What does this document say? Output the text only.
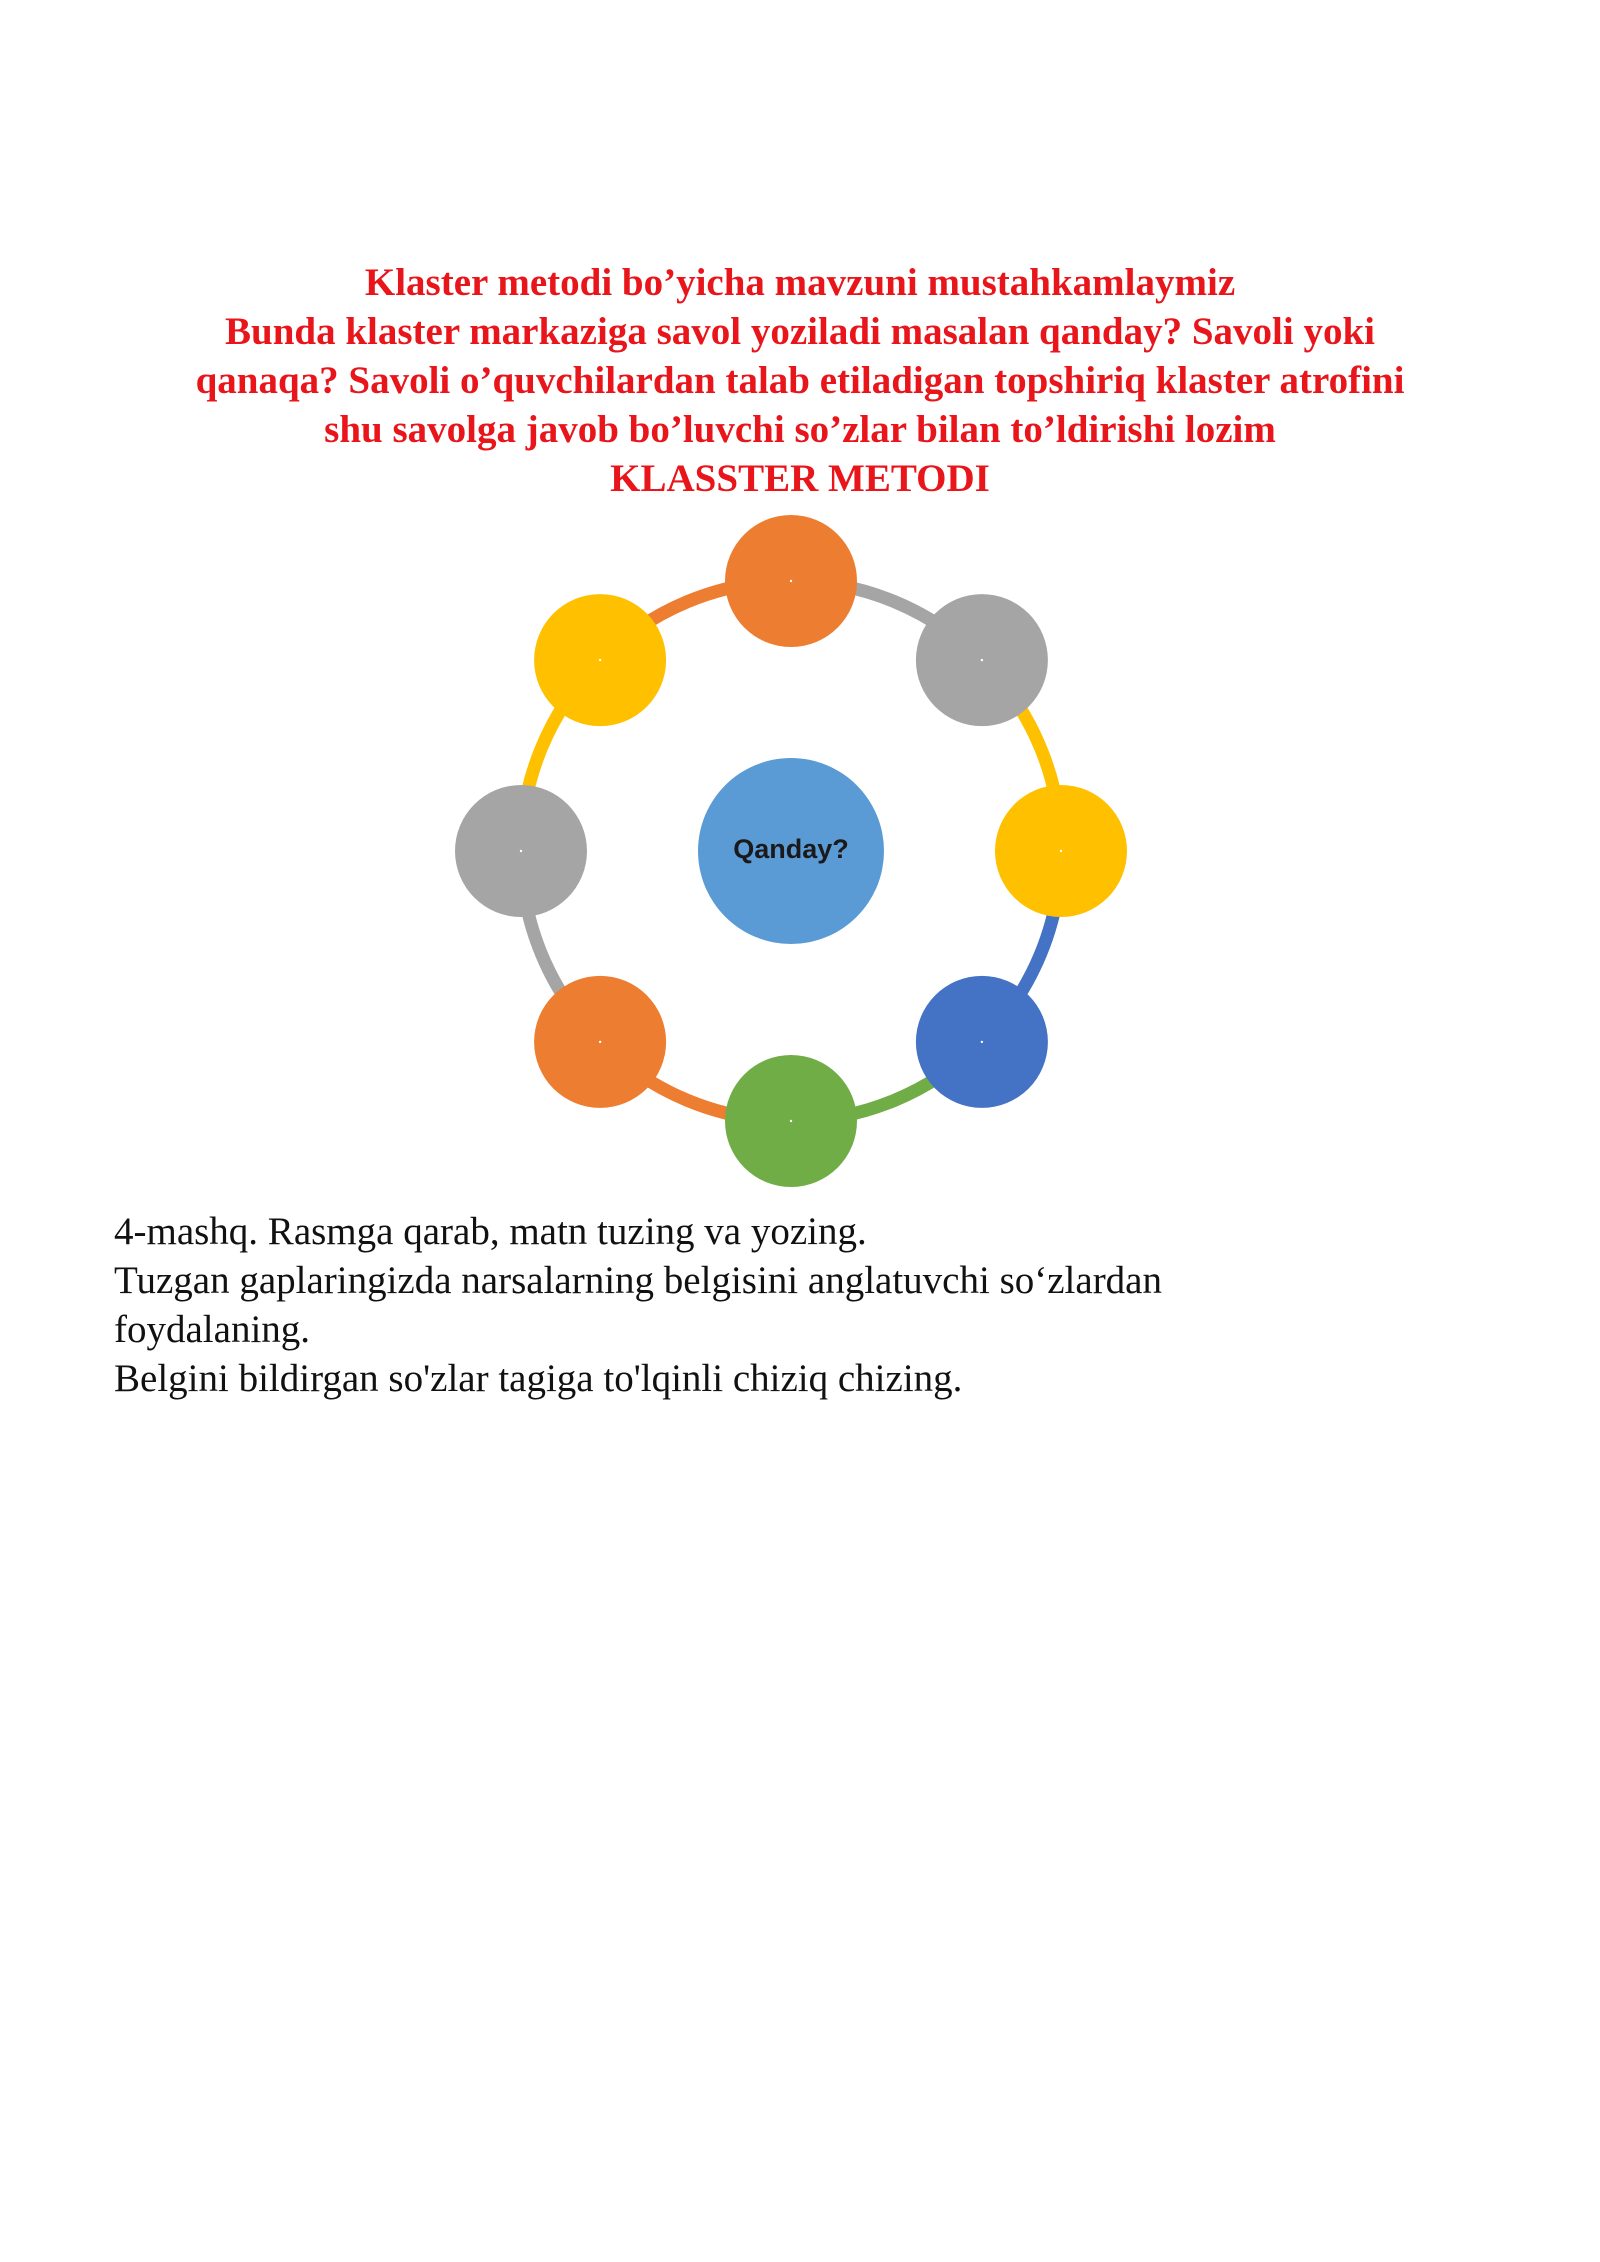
Klaster metodi bo’yicha mavzuni mustahkamlaymiz
Bunda klaster markaziga savol yoziladi masalan qanday? Savoli yoki
qanaqa? Savoli o’quvchilardan talab etiladigan topshiriq klaster atrofini
shu savolga javob bo’luvchi so’zlar bilan to’ldirishi lozim
KLASSTER METODI
Qanday?
4-mashq. Rasmga qarab, matn tuzing va yozing.
Tuzgan gaplaringizda narsalarning belgisini anglatuvchi so‘zlardan
foydalaning.
Belgini bildirgan so'zlar tagiga to'lqinli chiziq chizing.
